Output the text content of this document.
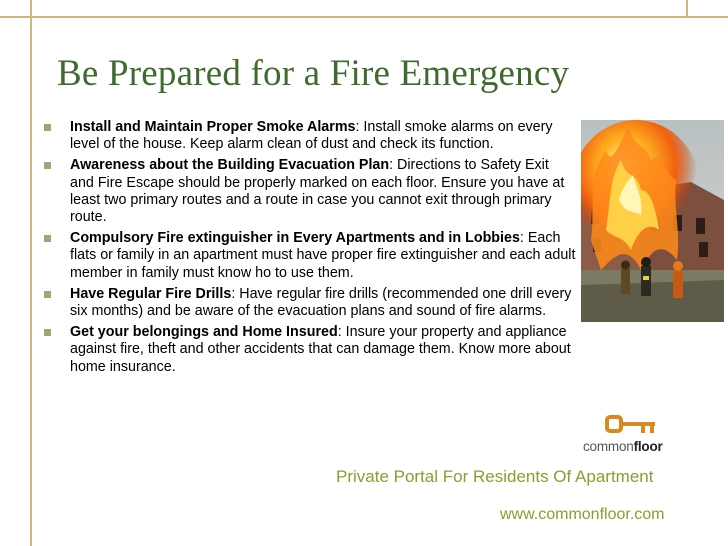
Be Prepared for a Fire Emergency
Install and Maintain Proper Smoke Alarms: Install smoke alarms on every level of the house. Keep alarm clean of dust and check its function.
Awareness about the Building Evacuation Plan: Directions to Safety Exit and Fire Escape should be properly marked on each floor. Ensure you have at least two primary routes and a route in case you cannot exit through primary route.
Compulsory Fire extinguisher in Every Apartments and in Lobbies: Each flats or family in an apartment must have proper fire extinguisher and each adult member in family must know ho to use them.
Have Regular Fire Drills: Have regular fire drills (recommended one drill every six months) and be aware of the evacuation plans and sound of fire alarms.
Get your belongings and Home Insured: Insure your property and appliance against fire, theft and other accidents that can damage them. Know more about home insurance.
commonfloor
Private Portal For Residents Of Apartment
www.commonfloor.com
